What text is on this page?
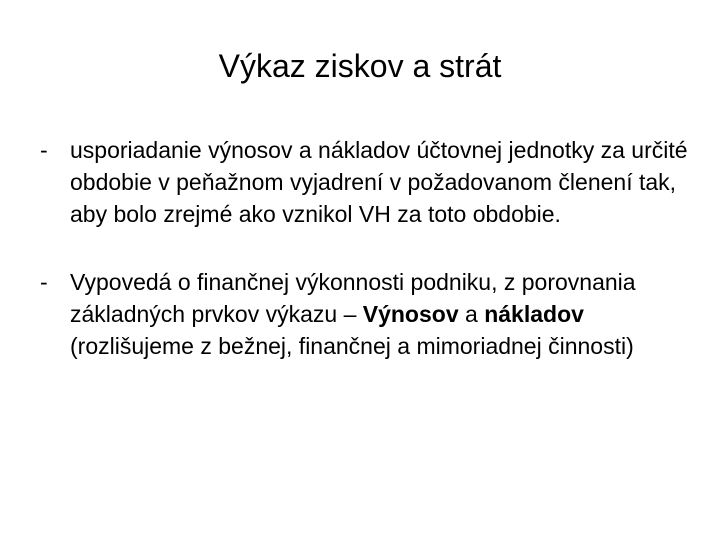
Výkaz ziskov a strát
- usporiadanie výnosov a nákladov účtovnej jednotky za určité obdobie v peňažnom vyjadrení v požadovanom členení tak, aby bolo zrejmé ako vznikol VH za toto obdobie.
- Vypovedá o finančnej výkonnosti podniku, z porovnania základných prvkov výkazu – Výnosov a nákladov (rozlišujeme z bežnej, finančnej a mimoriadnej činnosti)
